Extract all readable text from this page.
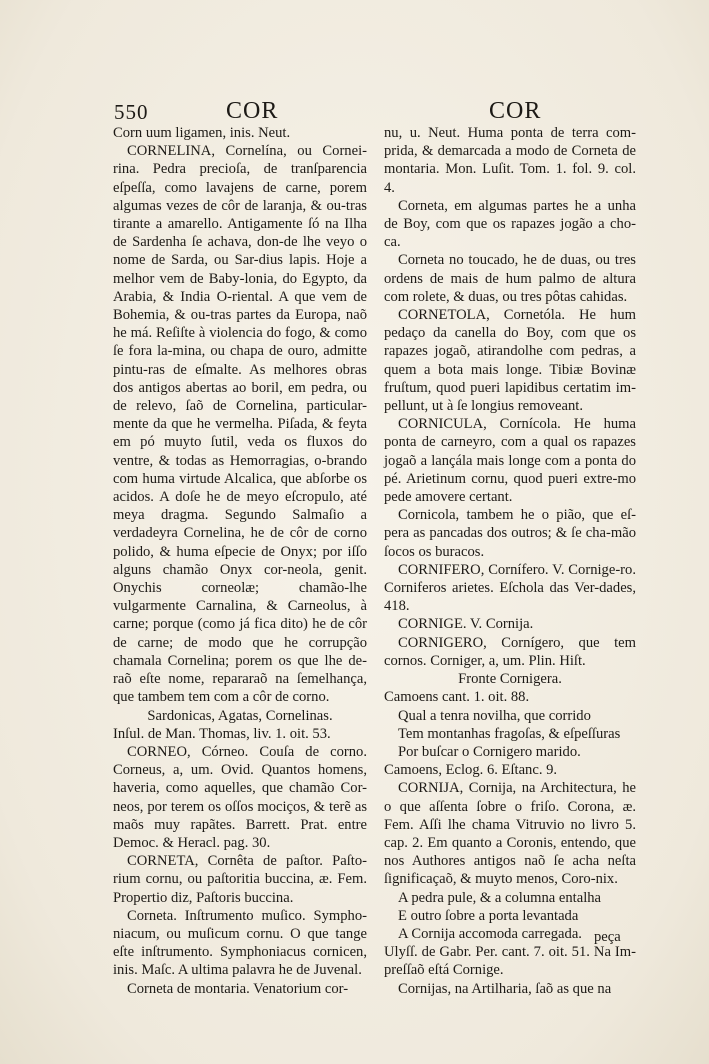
550	COR	COR

Corn uum ligamen, inis. Neut.

CORNELINA, Cornelína, ou Cornei-rina. Pedra precioſa, de tranſparencia eſpeſſa, como lavajens de carne, porem algumas vezes de côr de laranja, & ou-tras tirante a amarello. Antigamente ſó na Ilha de Sardenha ſe achava, don-de lhe veyo o nome de Sarda, ou Sar-dius lapis. Hoje a melhor vem de Baby-lonia, do Egypto, da Arabia, & India O-riental. A que vem de Bohemia, & ou-tras partes da Europa, naõ he má. Reſiſte à violencia do fogo, & como ſe fora la-mina, ou chapa de ouro, admitte pintu-ras de eſmalte. As melhores obras dos antigos abertas ao boril, em pedra, ou de relevo, ſaõ de Cornelina, particular-mente da que he vermelha. Piſada, & feyta em pó muyto ſutil, veda os fluxos do ventre, & todas as Hemorragias, o-brando com huma virtude Alcalica, que abſorbe os acidos. A doſe he de meyo eſcropulo, até meya dragma. Segundo Salmaſio a verdadeyra Cornelina, he de côr de corno polido, & huma eſpecie de Onyx; por iſſo alguns chamão Onyx cor-neola, genit. Onychis corneolæ; chamão-lhe vulgarmente Carnalina, & Carneolus, à carne; porque (como já fica dito) he de côr de carne; de modo que he corrupção chamala Cornelina; porem os que lhe de-raõ eſte nome, repararaõ na ſemelhança, que tambem tem com a côr de corno.

Sardonicas, Agatas, Cornelinas.

Inſul. de Man. Thomas, liv. 1. oit. 53.

CORNEO, Córneo. Couſa de corno. Corneus, a, um. Ovid. Quantos homens, haveria, como aquelles, que chamão Cor-neos, por terem os oſſos mociços, & terẽ as maõs muy rapãtes. Barrett. Prat. entre Democ. & Heracl. pag. 30.

CORNETA, Cornêta de paſtor. Paſto-rium cornu, ou paſtoritia buccina, æ. Fem. Propertio diz, Paſtoris buccina.

Corneta. Inſtrumento muſico. Sympho-niacum, ou muſicum cornu. O que tange eſte inſtrumento. Symphoniacus cornicen, inis. Maſc. A ultima palavra he de Juvenal.

Corneta de montaria. Venatorium cor-

nu, u. Neut. Huma ponta de terra com-prida, & demarcada a modo de Corneta de montaria. Mon. Luſit. Tom. 1. fol. 9. col. 4.

Corneta, em algumas partes he a unha de Boy, com que os rapazes jogão a cho-ca.

Corneta no toucado, he de duas, ou tres ordens de mais de hum palmo de altura com rolete, & duas, ou tres pôtas cahidas.

CORNETOLA, Cornetóla. He hum pedaço da canella do Boy, com que os rapazes jogaõ, atirandolhe com pedras, a quem a bota mais longe. Tibiæ Bovinæ fruſtum, quod pueri lapidibus certatim im-pellunt, ut à ſe longius removeant.

CORNICULA, Cornícola. He huma ponta de carneyro, com a qual os rapazes jogaõ a lançála mais longe com a ponta do pé. Arietinum cornu, quod pueri extre-mo pede amovere certant.

Cornicola, tambem he o pião, que eſ-pera as pancadas dos outros; & ſe cha-mão ſocos os buracos.

CORNIFERO, Cornífero. V. Cornige-ro. Corniferos arietes. Eſchola das Ver-dades, 418.

CORNIGE. V. Cornija.

CORNIGERO, Cornígero, que tem cornos. Corniger, a, um. Plin. Hiſt.

Fronte Cornigera.

Camoens cant. 1. oit. 88.

Qual a tenra novilha, que corrido

Tem montanhas fragoſas, & eſpeſſuras

Por buſcar o Cornigero marido.

Camoens, Eclog. 6. Eſtanc. 9.

CORNIJA, Cornija, na Architectura, he o que aſſenta ſobre o friſo. Corona, æ. Fem. Aſſi lhe chama Vitruvio no livro 5. cap. 2. Em quanto a Coronis, entendo, que nos Authores antigos naõ ſe acha neſta ſignificaçaõ, & muyto menos, Coro-nix.

A pedra pule, & a columna entalha

E outro ſobre a porta levantada

A Cornija accomoda carregada.

Ulyſſ. de Gabr. Per. cant. 7. oit. 51. Na Im-preſſaõ eſtá Cornige.

Cornijas, na Artilharia, ſaõ as que na

peça
